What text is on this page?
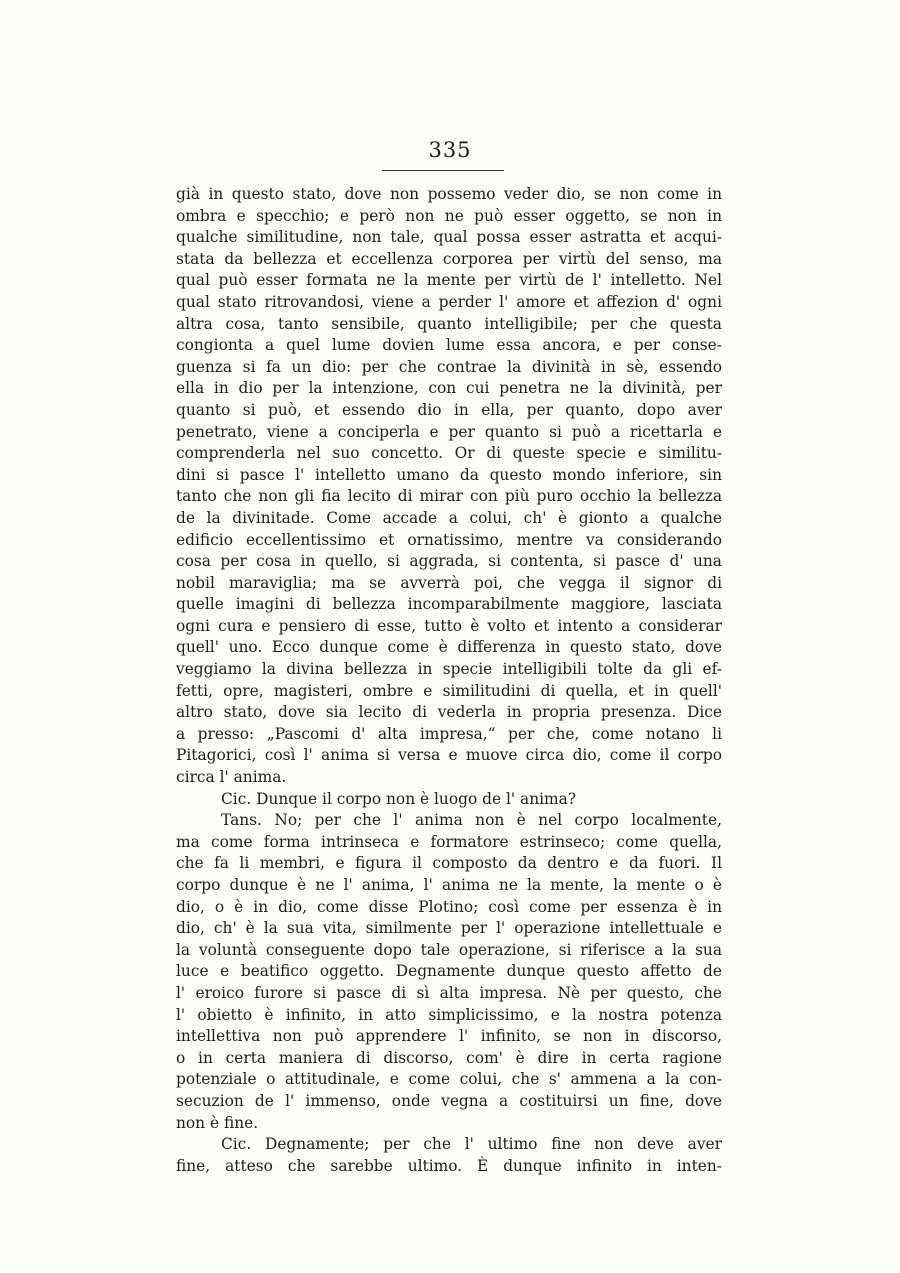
335
già in questo stato, dove non possemo veder dio, se non come in
ombra e specchio; e però non ne può esser oggetto, se non in
qualche similitudine, non tale, qual possa esser astratta et acqui-
stata da bellezza et eccellenza corporea per virtù del senso, ma
qual può esser formata ne la mente per virtù de l' intelletto. Nel
qual stato ritrovandosi, viene a perder l' amore et affezion d' ogni
altra cosa, tanto sensibile, quanto intelligibile; per che questa
congionta a quel lume dovien lume essa ancora, e per conse-
guenza si fa un dio: per che contrae la divinità in sè, essendo
ella in dio per la intenzione, con cui penetra ne la divinità, per
quanto si può, et essendo dio in ella, per quanto, dopo aver
penetrato, viene a conciperla e per quanto si può a ricettarla e
comprenderla nel suo concetto. Or di queste specie e similitu-
dini si pasce l' intelletto umano da questo mondo inferiore, sin
tanto che non gli fia lecito di mirar con più puro occhio la bellezza
de la divinitade. Come accade a colui, ch' è gionto a qualche
edificio eccellentissimo et ornatissimo, mentre va considerando
cosa per cosa in quello, si aggrada, si contenta, si pasce d' una
nobil maraviglia; ma se avverrà poi, che vegga il signor di
quelle imagini di bellezza incomparabilmente maggiore, lasciata
ogni cura e pensiero di esse, tutto è volto et intento a considerar
quell' uno. Ecco dunque come è differenza in questo stato, dove
veggiamo la divina bellezza in specie intelligibili tolte da gli ef-
fetti, opre, magisteri, ombre e similitudini di quella, et in quell'
altro stato, dove sia lecito di vederla in propria presenza. Dice
a presso: „Pascomi d' alta impresa,“ per che, come notano li
Pitagorici, così l' anima si versa e muove circa dio, come il corpo
circa l' anima.
Cic. Dunque il corpo non è luogo de l' anima?
Tans. No; per che l' anima non è nel corpo localmente,
ma come forma intrinseca e formatore estrinseco; come quella,
che fa li membri, e figura il composto da dentro e da fuori. Il
corpo dunque è ne l' anima, l' anima ne la mente, la mente o è
dio, o è in dio, come disse Plotino; così come per essenza è in
dio, ch' è la sua vita, similmente per l' operazione intellettuale e
la voluntà conseguente dopo tale operazione, si riferisce a la sua
luce e beatifico oggetto. Degnamente dunque questo affetto de
l' eroico furore si pasce di sì alta impresa. Nè per questo, che
l' obietto è infinito, in atto simplicissimo, e la nostra potenza
intellettiva non può apprendere l' infinito, se non in discorso,
o in certa maniera di discorso, com' è dire in certa ragione
potenziale o attitudinale, e come colui, che s' ammena a la con-
secuzion de l' immenso, onde vegna a costituirsi un fine, dove
non è fine.
Cic. Degnamente; per che l' ultimo fine non deve aver
fine, atteso che sarebbe ultimo. È dunque infinito in inten-
